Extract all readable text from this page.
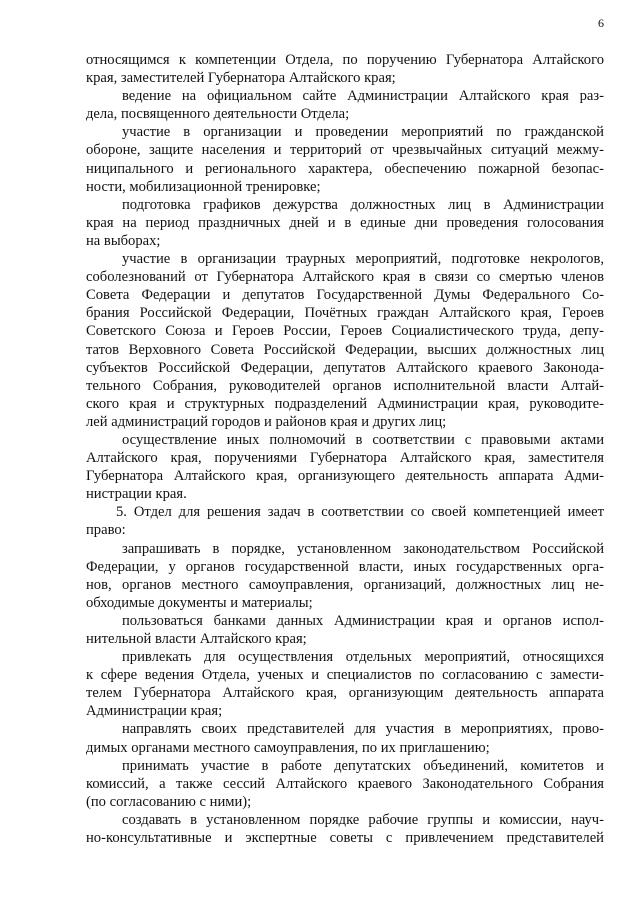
6
относящимся к компетенции Отдела, по поручению Губернатора Алтайского
края, заместителей Губернатора Алтайского края;
ведение на официальном сайте Администрации Алтайского края раз-
дела, посвященного деятельности Отдела;
участие в организации и проведении мероприятий по гражданской
обороне, защите населения и территорий от чрезвычайных ситуаций межму-
ниципального и регионального характера, обеспечению пожарной безопас-
ности, мобилизационной тренировке;
подготовка графиков дежурства должностных лиц в Администрации
края на период праздничных дней и в единые дни проведения голосования
на выборах;
участие в организации траурных мероприятий, подготовке некрологов,
соболезнований от Губернатора Алтайского края в связи со смертью членов
Совета Федерации и депутатов Государственной Думы Федерального Со-
брания Российской Федерации, Почётных граждан Алтайского края, Героев
Советского Союза и Героев России, Героев Социалистического труда, депу-
татов Верховного Совета Российской Федерации, высших должностных лиц
субъектов Российской Федерации, депутатов Алтайского краевого Законода-
тельного Собрания, руководителей органов исполнительной власти Алтай-
ского края и структурных подразделений Администрации края, руководите-
лей администраций городов и районов края и других лиц;
осуществление иных полномочий в соответствии с правовыми актами
Алтайского края, поручениями Губернатора Алтайского края, заместителя
Губернатора Алтайского края, организующего деятельность аппарата Адми-
нистрации края.
5. Отдел для решения задач в соответствии со своей компетенцией имеет
право:
запрашивать в порядке, установленном законодательством Российской
Федерации, у органов государственной власти, иных государственных орга-
нов, органов местного самоуправления, организаций, должностных лиц не-
обходимые документы и материалы;
пользоваться банками данных Администрации края и органов испол-
нительной власти Алтайского края;
привлекать для осуществления отдельных мероприятий, относящихся
к сфере ведения Отдела, ученых и специалистов по согласованию с замести-
телем Губернатора Алтайского края, организующим деятельность аппарата
Администрации края;
направлять своих представителей для участия в мероприятиях, прово-
димых органами местного самоуправления, по их приглашению;
принимать участие в работе депутатских объединений, комитетов и
комиссий, а также сессий Алтайского краевого Законодательного Собрания
(по согласованию с ними);
создавать в установленном порядке рабочие группы и комиссии, науч-
но-консультативные и экспертные советы с привлечением представителей
